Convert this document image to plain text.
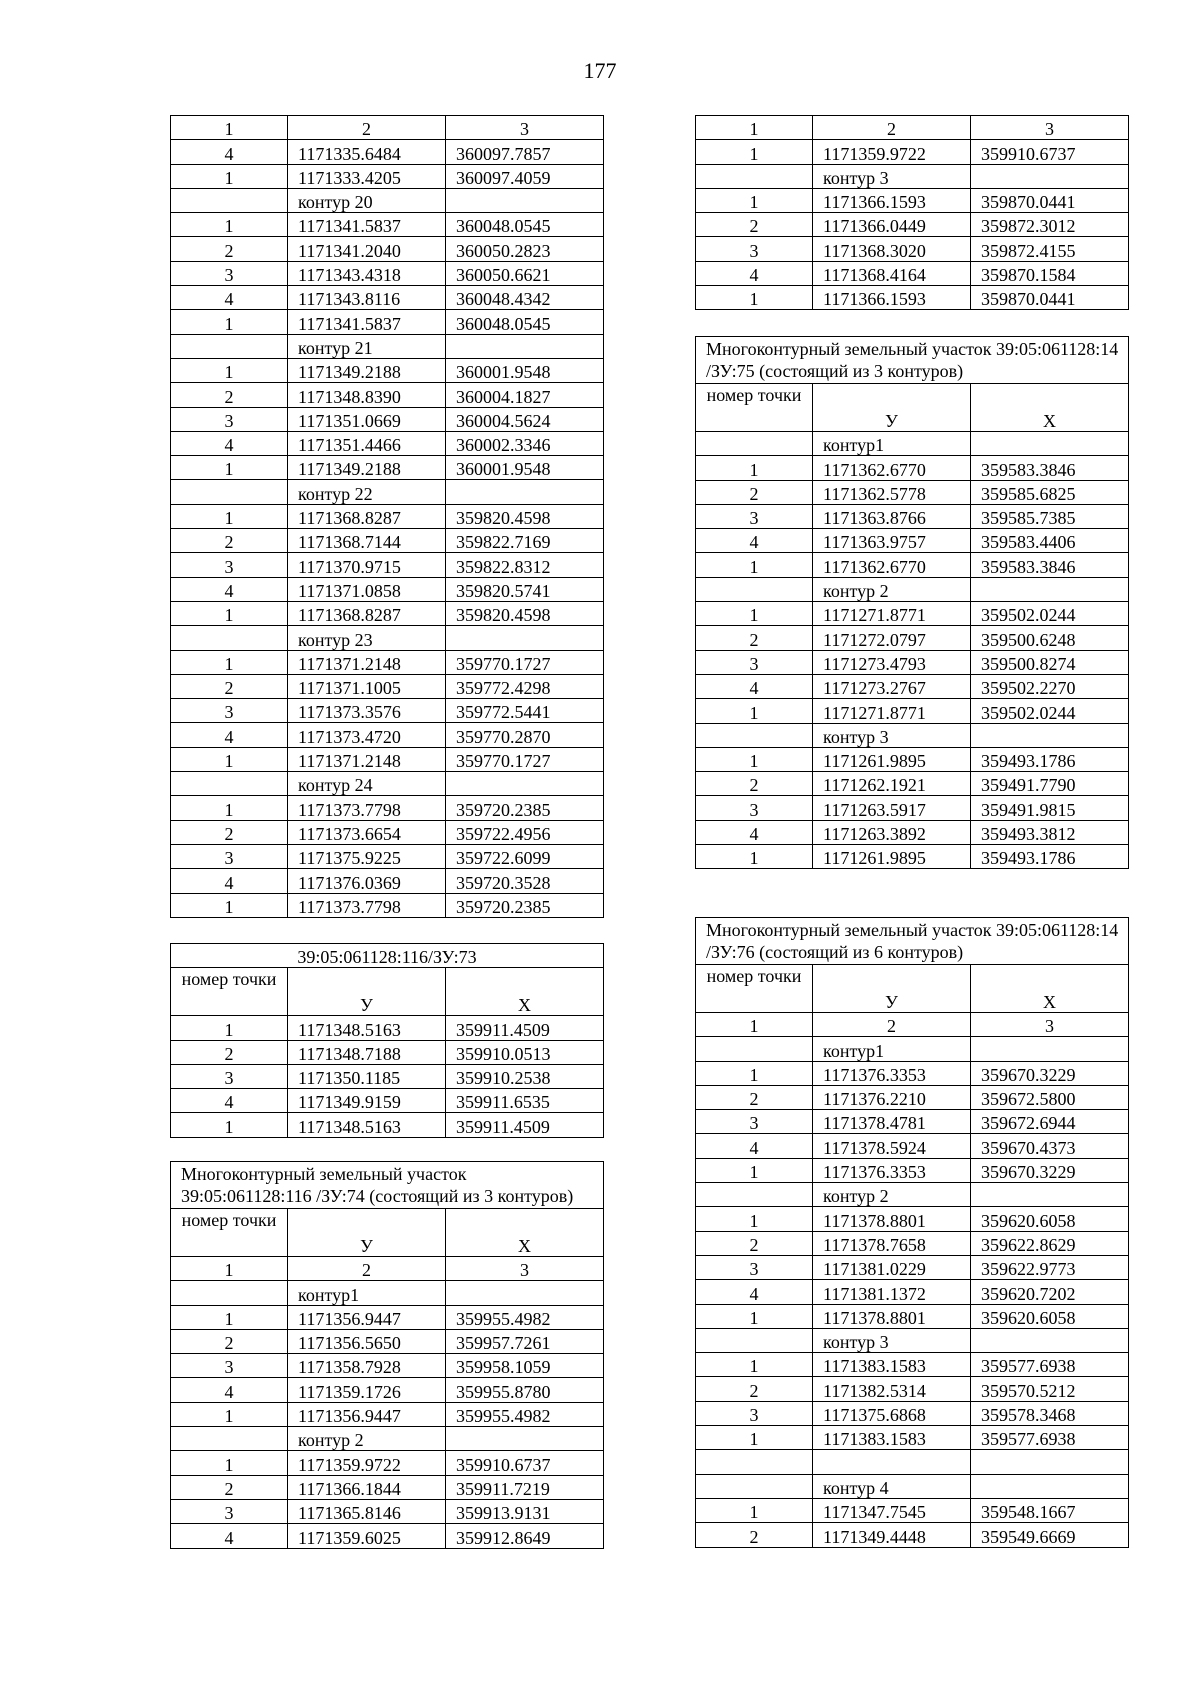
177
1	2	3
4	1171335.6484	360097.7857
1	1171333.4205	360097.4059
	контур 20	
1	1171341.5837	360048.0545
2	1171341.2040	360050.2823
3	1171343.4318	360050.6621
4	1171343.8116	360048.4342
1	1171341.5837	360048.0545
	контур 21	
1	1171349.2188	360001.9548
2	1171348.8390	360004.1827
3	1171351.0669	360004.5624
4	1171351.4466	360002.3346
1	1171349.2188	360001.9548
	контур 22	
1	1171368.8287	359820.4598
2	1171368.7144	359822.7169
3	1171370.9715	359822.8312
4	1171371.0858	359820.5741
1	1171368.8287	359820.4598
	контур 23	
1	1171371.2148	359770.1727
2	1171371.1005	359772.4298
3	1171373.3576	359772.5441
4	1171373.4720	359770.2870
1	1171371.2148	359770.1727
	контур 24	
1	1171373.7798	359720.2385
2	1171373.6654	359722.4956
3	1171375.9225	359722.6099
4	1171376.0369	359720.3528
1	1171373.7798	359720.2385
39:05:061128:116/ЗУ:73		
номер точки	У	Х
1	1171348.5163	359911.4509
2	1171348.7188	359910.0513
3	1171350.1185	359910.2538
4	1171349.9159	359911.6535
1	1171348.5163	359911.4509
Многоконтурный земельный участок 39:05:061128:116 /ЗУ:74 (состоящий из 3 контуров)		
номер точки	У	Х
1	2	3
	контур1	
1	1171356.9447	359955.4982
2	1171356.5650	359957.7261
3	1171358.7928	359958.1059
4	1171359.1726	359955.8780
1	1171356.9447	359955.4982
	контур 2	
1	1171359.9722	359910.6737
2	1171366.1844	359911.7219
3	1171365.8146	359913.9131
4	1171359.6025	359912.8649
1	2	3
1	1171359.9722	359910.6737
	контур 3	
1	1171366.1593	359870.0441
2	1171366.0449	359872.3012
3	1171368.3020	359872.4155
4	1171368.4164	359870.1584
1	1171366.1593	359870.0441
Многоконтурный земельный участок 39:05:061128:14 /ЗУ:75 (состоящий из 3 контуров)		
номер точки	У	Х
	контур1	
1	1171362.6770	359583.3846
2	1171362.5778	359585.6825
3	1171363.8766	359585.7385
4	1171363.9757	359583.4406
1	1171362.6770	359583.3846
	контур 2	
1	1171271.8771	359502.0244
2	1171272.0797	359500.6248
3	1171273.4793	359500.8274
4	1171273.2767	359502.2270
1	1171271.8771	359502.0244
	контур 3	
1	1171261.9895	359493.1786
2	1171262.1921	359491.7790
3	1171263.5917	359491.9815
4	1171263.3892	359493.3812
1	1171261.9895	359493.1786
Многоконтурный земельный участок 39:05:061128:14 /ЗУ:76 (состоящий из 6 контуров)		
номер точки	У	Х
1	2	3
	контур1	
1	1171376.3353	359670.3229
2	1171376.2210	359672.5800
3	1171378.4781	359672.6944
4	1171378.5924	359670.4373
1	1171376.3353	359670.3229
	контур 2	
1	1171378.8801	359620.6058
2	1171378.7658	359622.8629
3	1171381.0229	359622.9773
4	1171381.1372	359620.7202
1	1171378.8801	359620.6058
	контур 3	
1	1171383.1583	359577.6938
2	1171382.5314	359570.5212
3	1171375.6868	359578.3468
1	1171383.1583	359577.6938

	контур 4	
1	1171347.7545	359548.1667
2	1171349.4448	359549.6669
